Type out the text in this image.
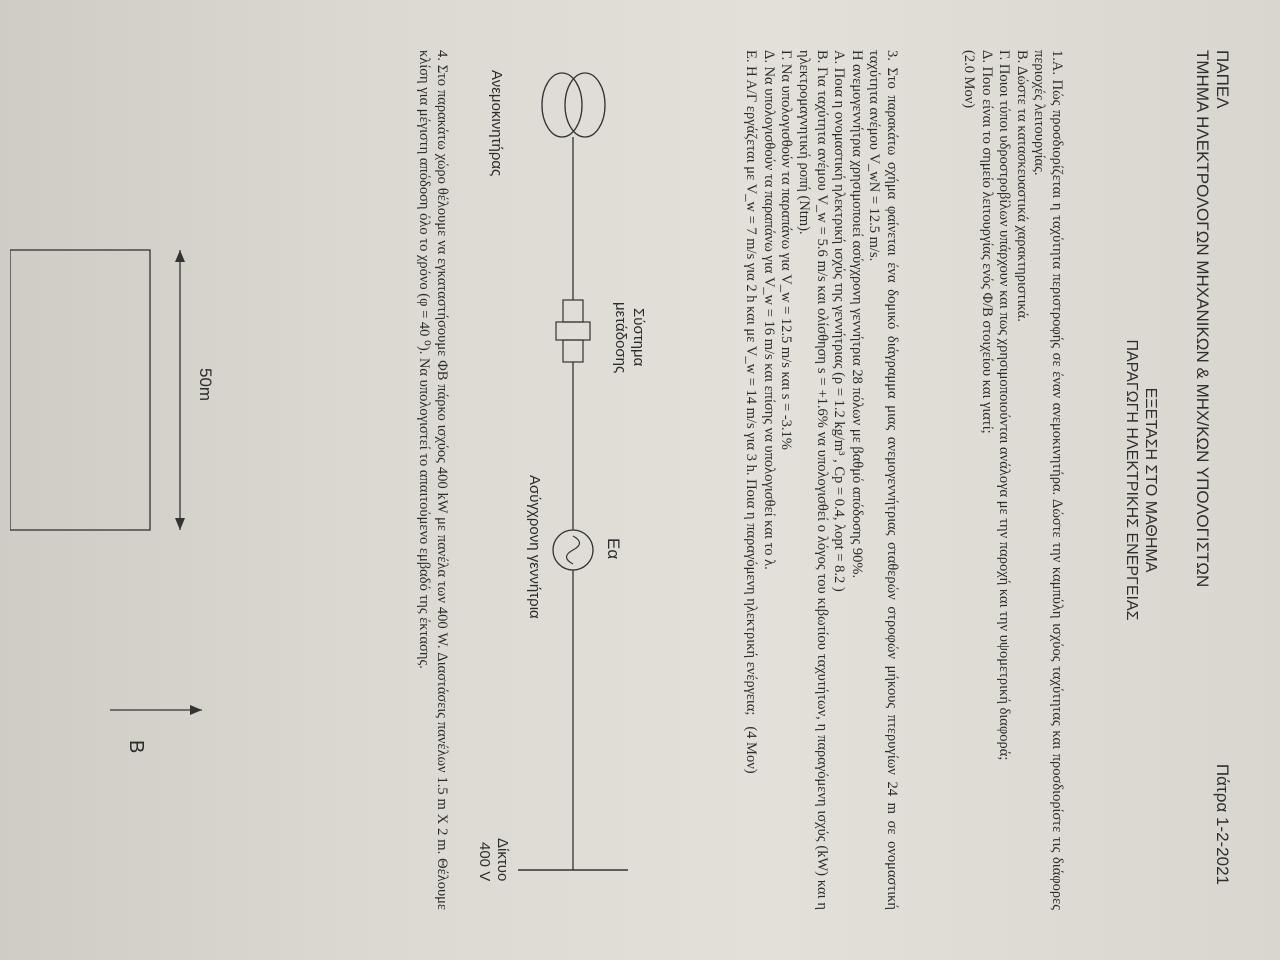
ΠΑΠΕΛ
ΤΜΗΜΑ ΗΛΕΚΤΡΟΛΟΓΩΝ ΜΗΧΑΝΙΚΩΝ & ΜΗΧ/ΚΩΝ ΥΠΟΛΟΓΙΣΤΩΝ
Πάτρα 1-2-2021
ΕΞΕΤΑΣΗ ΣΤΟ ΜΑΘΗΜΑ
ΠΑΡΑΓΩΓΗ ΗΛΕΚΤΡΙΚΗΣ ΕΝΕΡΓΕΙΑΣ

1.Α. Πώς προσδιορίζεται η ταχύτητα περιστροφής σε έναν ανεμοκινητήρα. Δώστε την καμπύλη ισχύος ταχύτητας και προσδιορίστε τις διάφορες περιοχές λειτουργίας.

Β. Δώστε τα κατασκευαστικά χαρακτηριστικά.

Γ. Ποιοι τύποι υδροστροβίλων υπάρχουν και πως χρησιμοποιούνται ανάλογα με την παροχή και την υψομετρική διαφορά;

Δ. Ποιο είναι το σημείο λειτουργίας ενός Φ/Β στοιχείου και γιατί;

(2.0 Μον)

3. Στο παρακάτω σχήμα φαίνεται ένα δομικό διάγραμμα μιας ανεμογεννήτριας σταθερών στροφών μήκους πτερυγίων 24 m σε ονομαστική ταχύτητα ανέμου V_wN = 12.5 m/s.

Η ανεμογεννήτρια χρησιμοποιεί ασύγχρονη γεννήτρια 28 πόλων με βαθμό απόδοσης 90%.

Α. Ποια η ονομαστική ηλεκτρική ισχύς της γεννήτριας (ρ = 1.2 kg/m³ , Cp = 0.4, λopt = 8.2 )

Β. Για ταχύτητα ανέμου V_w = 5.6 m/s και ολίσθηση s = +1.6% να υπολογισθεί ο λόγος του κιβωτίου ταχυτήτων, η παραγόμενη ισχύς (kW) και η ηλεκτρομαγνητική ροπή (Ntm).

Γ. Να υπολογισθούν τα παραπάνω για V_w = 12.5 m/s και s = -3.1%

Δ. Να υπολογισθούν τα παραπάνω για V_w = 16 m/s και επίσης να υπολογισθεί και το λ.

Ε. Η Α/Γ εργάζεται με V_w = 7 m/s για 2 h και με V_w = 14 m/s για 3 h. Ποια η παραγόμενη ηλεκτρική ενέργεια;   (4 Μον)

Ανεμοκινητήρας
Σύστημα
μετάδοσης
Εα
Ασύγχρονη γεννήτρια
Δίκτυο
400 V
4. Στο παρακάτω χώρο θέλουμε να εγκαταστήσουμε ΦΒ πάρκο ισχύος 400 kW με πανέλα των 400 W. Διαστάσεις πανέλων 1.5 m X 2 m. Θέλουμε κλίση για μέγιστη απόδοση όλο το χρόνο (φ = 40 ⁰). Να υπολογιστεί το απαιτούμενο εμβαδό της έκτασης.
50m
Β
